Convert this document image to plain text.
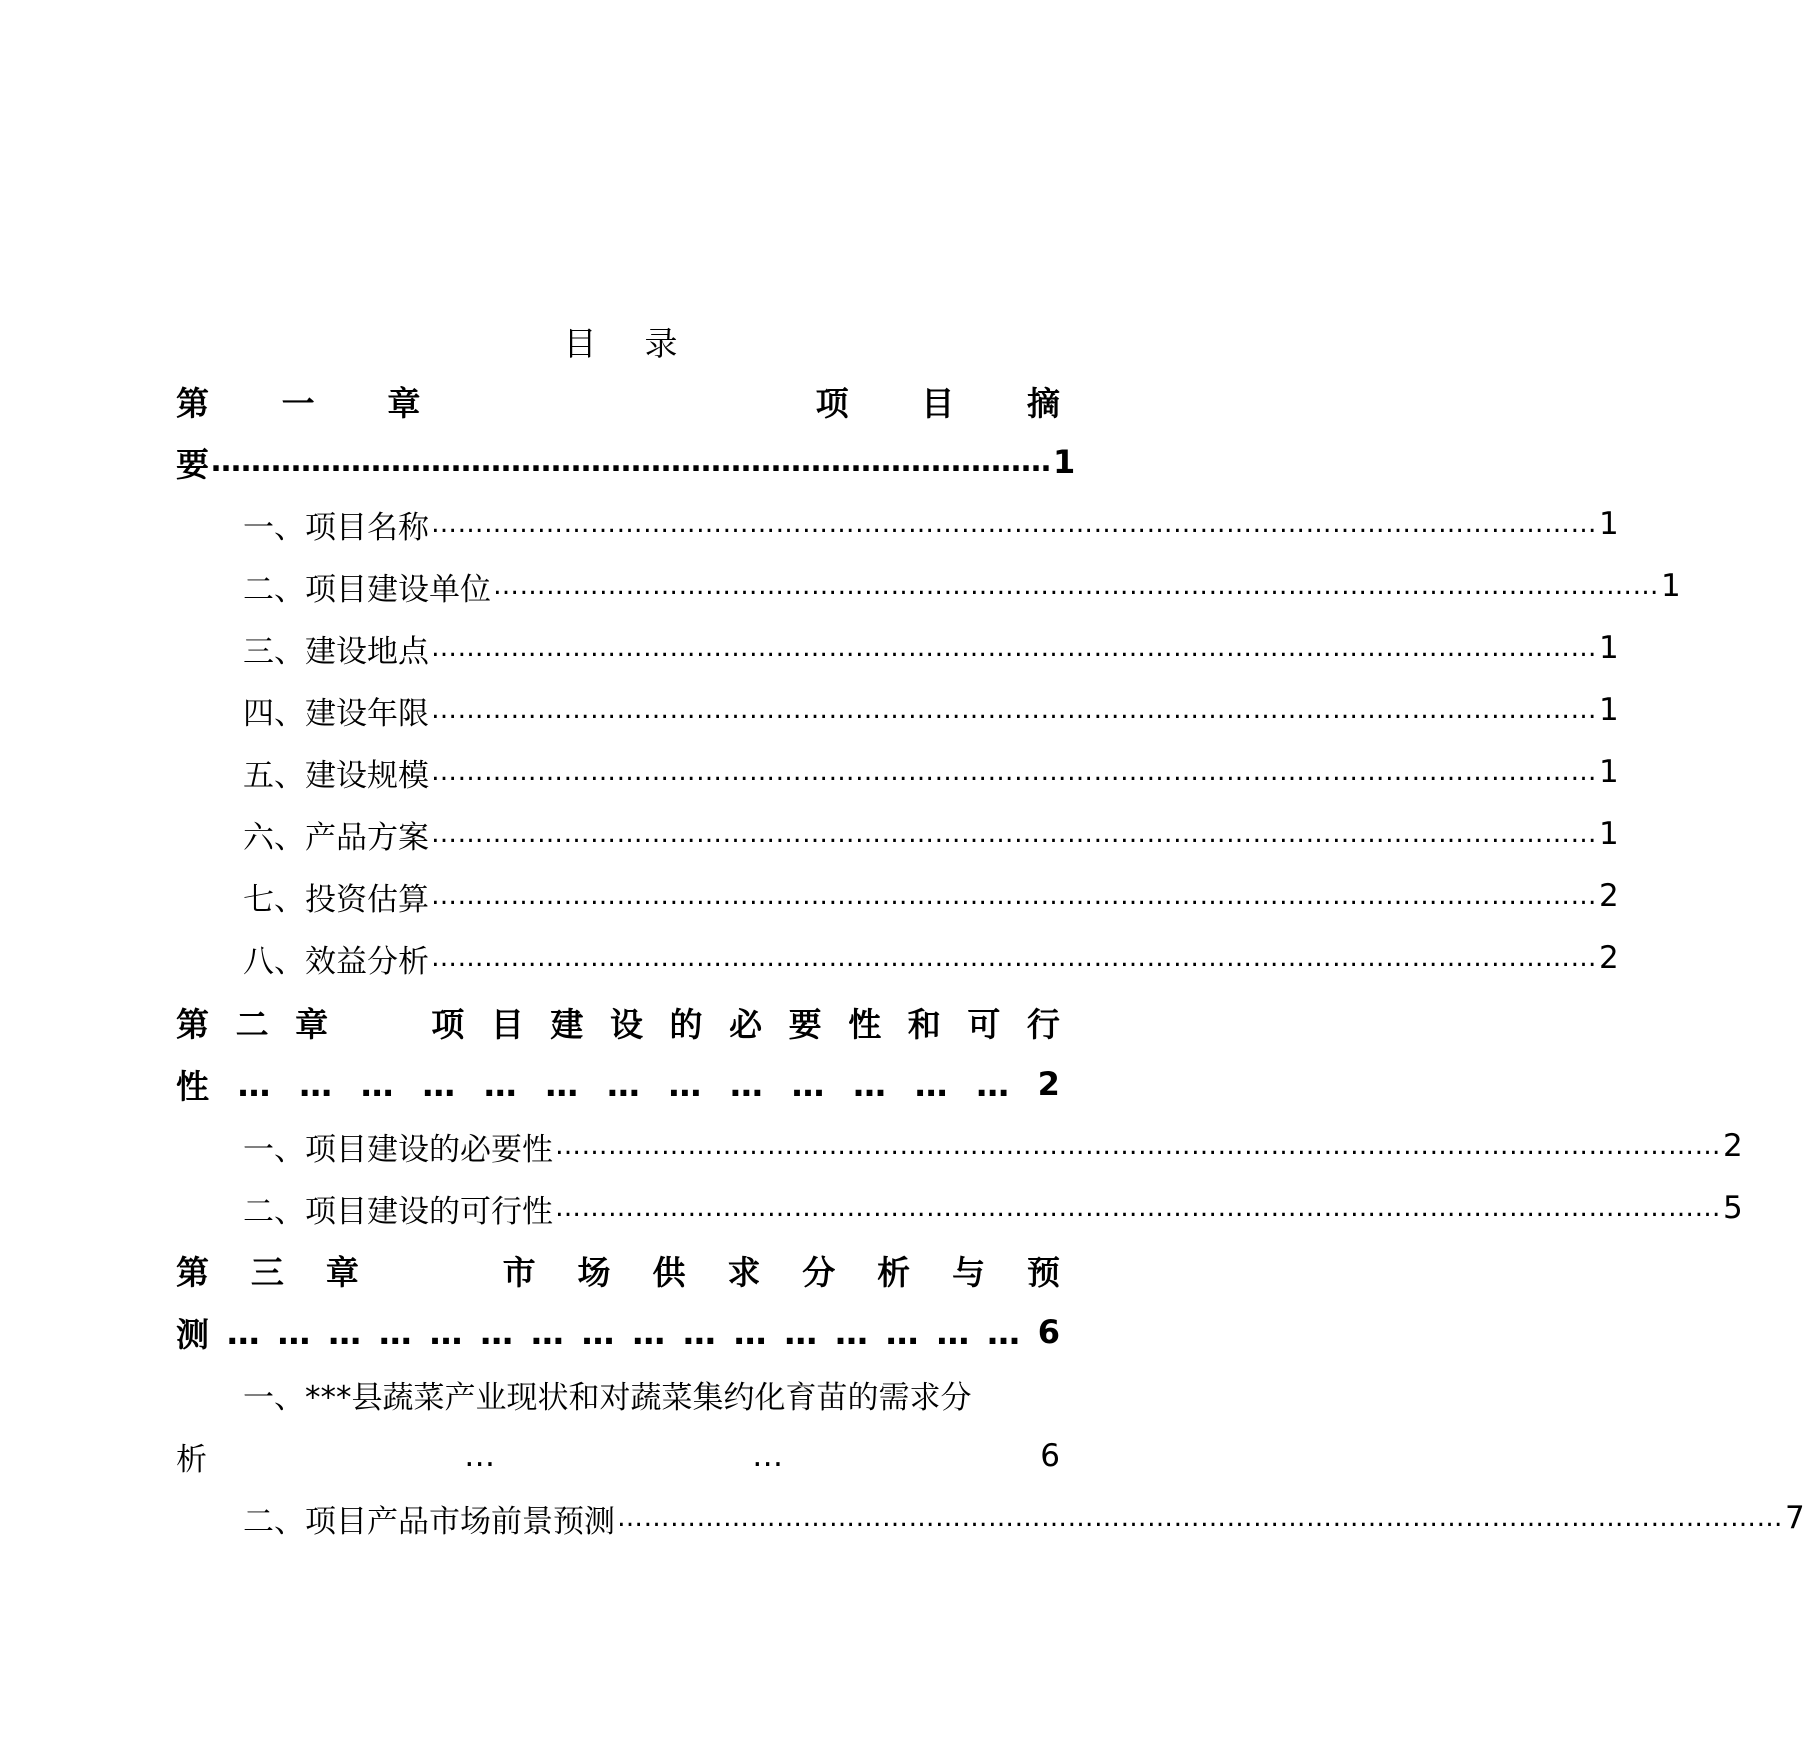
目 录
第 一 章	项 目 摘
要 ………………………………………………………………………… 1
一、项目名称 …………………………………………………………………………………………………………………… 1
二、项目建设单位 …………………………………………………………………………………………………………………… 1
三、建设地点 …………………………………………………………………………………………………………………… 1
四、建设年限 …………………………………………………………………………………………………………………… 1
五、建设规模 …………………………………………………………………………………………………………………… 1
六、产品方案 …………………………………………………………………………………………………………………… 1
七、投资估算 …………………………………………………………………………………………………………………… 2
八、效益分析 …………………………………………………………………………………………………………………… 2
第 二 章	项 目 建 设 的 必 要 性 和 可 行
性 … … … … … … … … … … … … … 2
一、项目建设的必要性 …………………………………………………………………………………………………………………… 2
二、项目建设的可行性 …………………………………………………………………………………………………………………… 5
第 三 章	市 场 供 求 分 析 与 预
测 … … … … … … … … … … … … … … … … 6
一、***县蔬菜产业现状和对蔬菜集约化育苗的需求分
析	…	…	6
二、项目产品市场前景预测 …………………………………………………………………………………………………………………… 7
